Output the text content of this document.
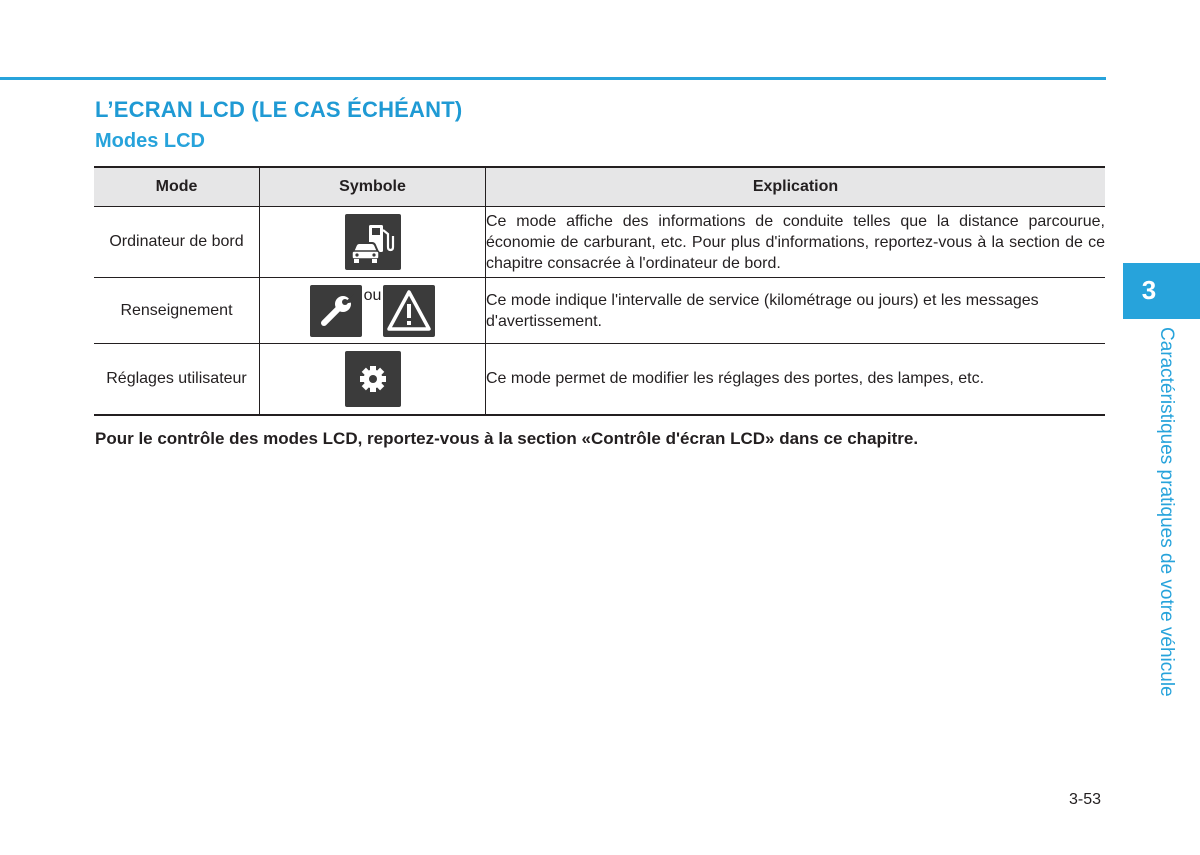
L’ECRAN LCD (LE CAS ÉCHÉANT)
Modes LCD
Mode	Symbole	Explication
Ordinateur de bord		Ce mode affiche des informations de conduite telles que la distance parcourue, économie de carburant, etc. Pour plus d'informations, reportez-vous à la section de ce chapitre consacrée à l'ordinateur de bord.
Renseignement	ou	Ce mode indique l'intervalle de service (kilométrage ou jours) et les messages d'avertissement.
Réglages utilisateur		Ce mode permet de modifier les réglages des portes, des lampes, etc.
Pour le contrôle des modes LCD, reportez-vous à la section «Contrôle d'écran LCD» dans ce chapitre.
3
Caractéristiques pratiques de votre véhicule
3-53
